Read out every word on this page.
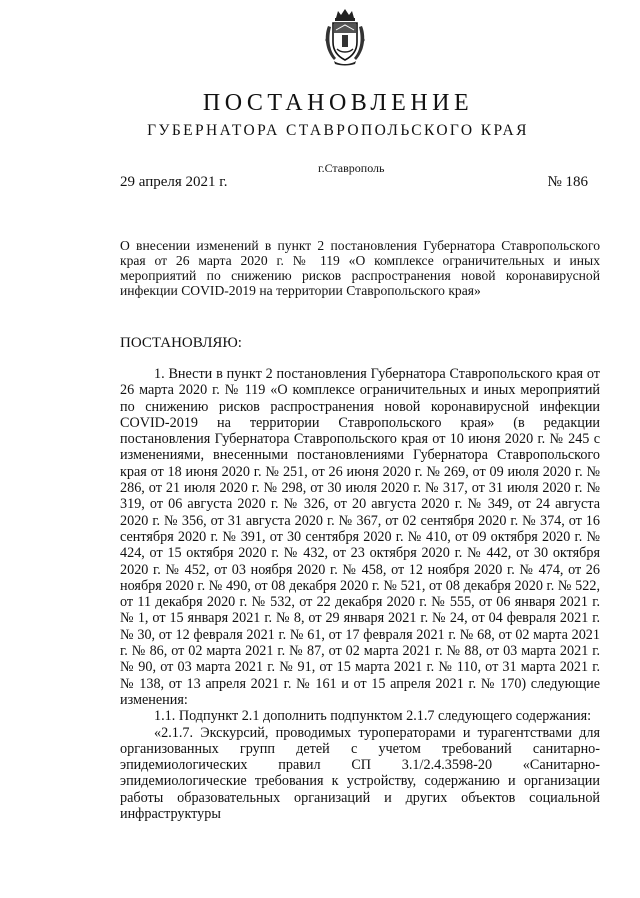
ПОСТАНОВЛЕНИЕ
ГУБЕРНАТОРА СТАВРОПОЛЬСКОГО КРАЯ
г.Ставрополь
29 апреля 2021 г.	№ 186
О внесении изменений в пункт 2 постановления Губернатора Ставропольского края от 26 марта 2020 г. № 119 «О комплексе ограничительных и иных мероприятий по снижению рисков распространения новой коронавирусной инфекции COVID-2019 на территории Ставропольского края»
ПОСТАНОВЛЯЮ:

1. Внести в пункт 2 постановления Губернатора Ставропольского края от 26 марта 2020 г. № 119 «О комплексе ограничительных и иных мероприятий по снижению рисков распространения новой коронавирусной инфекции COVID-2019 на территории Ставропольского края» (в редакции постановления Губернатора Ставропольского края от 10 июня 2020 г. № 245 с изменениями, внесенными постановлениями Губернатора Ставропольского края от 18 июня 2020 г. № 251, от 26 июня 2020 г. № 269, от 09 июля 2020 г. № 286, от 21 июля 2020 г. № 298, от 30 июля 2020 г. № 317, от 31 июля 2020 г. № 319, от 06 августа 2020 г. № 326, от 20 августа 2020 г. № 349, от 24 августа 2020 г. № 356, от 31 августа 2020 г. № 367, от 02 сентября 2020 г. № 374, от 16 сентября 2020 г. № 391, от 30 сентября 2020 г. № 410, от 09 октября 2020 г. № 424, от 15 октября 2020 г. № 432, от 23 октября 2020 г. № 442, от 30 октября 2020 г. № 452, от 03 ноября 2020 г. № 458, от 12 ноября 2020 г. № 474, от 26 ноября 2020 г. № 490, от 08 декабря 2020 г. № 521, от 08 декабря 2020 г. № 522, от 11 декабря 2020 г. № 532, от 22 декабря 2020 г. № 555, от 06 января 2021 г. № 1, от 15 января 2021 г. № 8, от 29 января 2021 г. № 24, от 04 февраля 2021 г. № 30, от 12 февраля 2021 г. № 61, от 17 февраля 2021 г. № 68, от 02 марта 2021 г. № 86, от 02 марта 2021 г. № 87, от 02 марта 2021 г. № 88, от 03 марта 2021 г. № 90, от 03 марта 2021 г. № 91, от 15 марта 2021 г. № 110, от 31 марта 2021 г. № 138, от 13 апреля 2021 г. № 161 и от 15 апреля 2021 г. № 170) следующие изменения:

1.1. Подпункт 2.1 дополнить подпунктом 2.1.7 следующего содержания:

«2.1.7. Экскурсий, проводимых туроператорами и турагентствами для организованных групп детей с учетом требований санитарно-эпидемиологических правил СП 3.1/2.4.3598-20 «Санитарно-эпидемиологические требования к устройству, содержанию и организации работы образовательных организаций и других объектов социальной инфраструктуры
